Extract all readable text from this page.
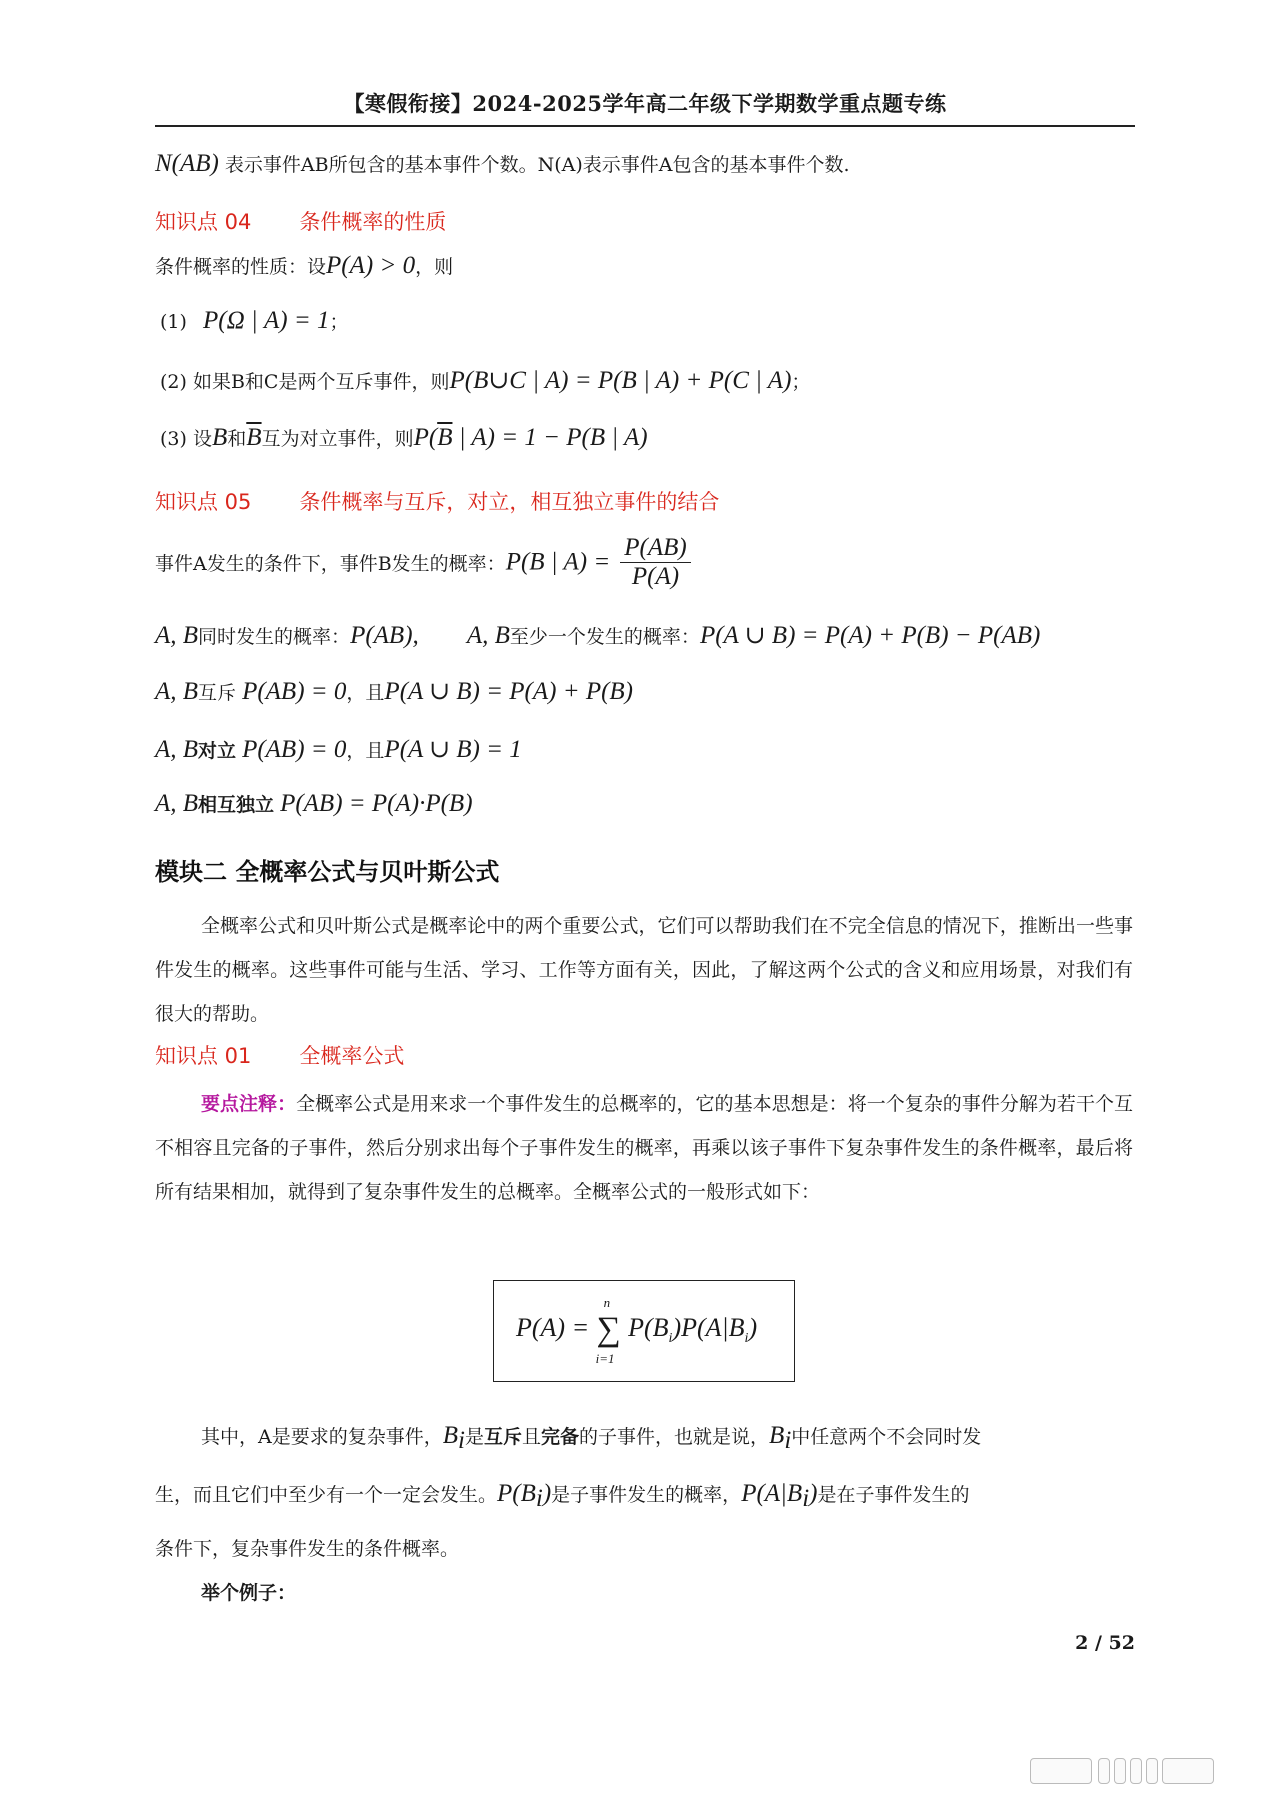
【寒假衔接】2024-2025学年高二年级下学期数学重点题专练
N(AB) 表示事件AB所包含的基本事件个数。N(A)表示事件A包含的基本事件个数.
知识点 04 条件概率的性质
条件概率的性质：设P(A) > 0，则
(1) P(Ω | A) = 1；
(2) 如果B和C是两个互斥事件，则P(B∪C | A) = P(B | A) + P(C | A)；
(3) 设B和$\overline{B}$互为对立事件，则$P(\overline{B}$ | A) = 1 − P(B | A)
知识点 05 条件概率与互斥，对立，相互独立事件的结合
事件A发生的条件下，事件B发生的概率：P(B | $A) = \frac{P(AB)}{P(A)}$
A, B同时发生的概率：P(AB), A, B至少一个发生的概率：P(A ∪ B) = P(A) + P(B) − P(AB)
A, B互斥 P(AB) = 0，且P(A ∪ B) = P(A) + P(B)
A, B对立 P(AB) = 0，且P(A ∪ B) = 1
A, B相互独立 P(AB) = P(A)·P(B)
模块二 全概率公式与贝叶斯公式
全概率公式和贝叶斯公式是概率论中的两个重要公式，它们可以帮助我们在不完全信息的情况下，推断出一些事件发生的概率。这些事件可能与生活、学习、工作等方面有关，因此，了解这两个公式的含义和应用场景，对我们有很大的帮助。
知识点 01 全概率公式
要点注释：全概率公式是用来求一个事件发生的总概率的，它的基本思想是：将一个复杂的事件分解为若干个互不相容且完备的子事件，然后分别求出每个子事件发生的概率，再乘以该子事件下复杂事件发生的条件概率，最后将所有结果相加，就得到了复杂事件发生的总概率。全概率公式的一般形式如下：
P(A) =
n
∑
i=1
$P(B_i)P(A|B_i)$
其中，A是要求的复杂事件，$B_i$是互斥且完备的子事件，也就是说，$B_i$中任意两个不会同时发
生，而且它们中至少有一个一定会发生。$P(B_i)$是子事件发生的概率，$P(A|B_i)$是在子事件发生的
条件下，复杂事件发生的条件概率。
举个例子：
2 / 52
